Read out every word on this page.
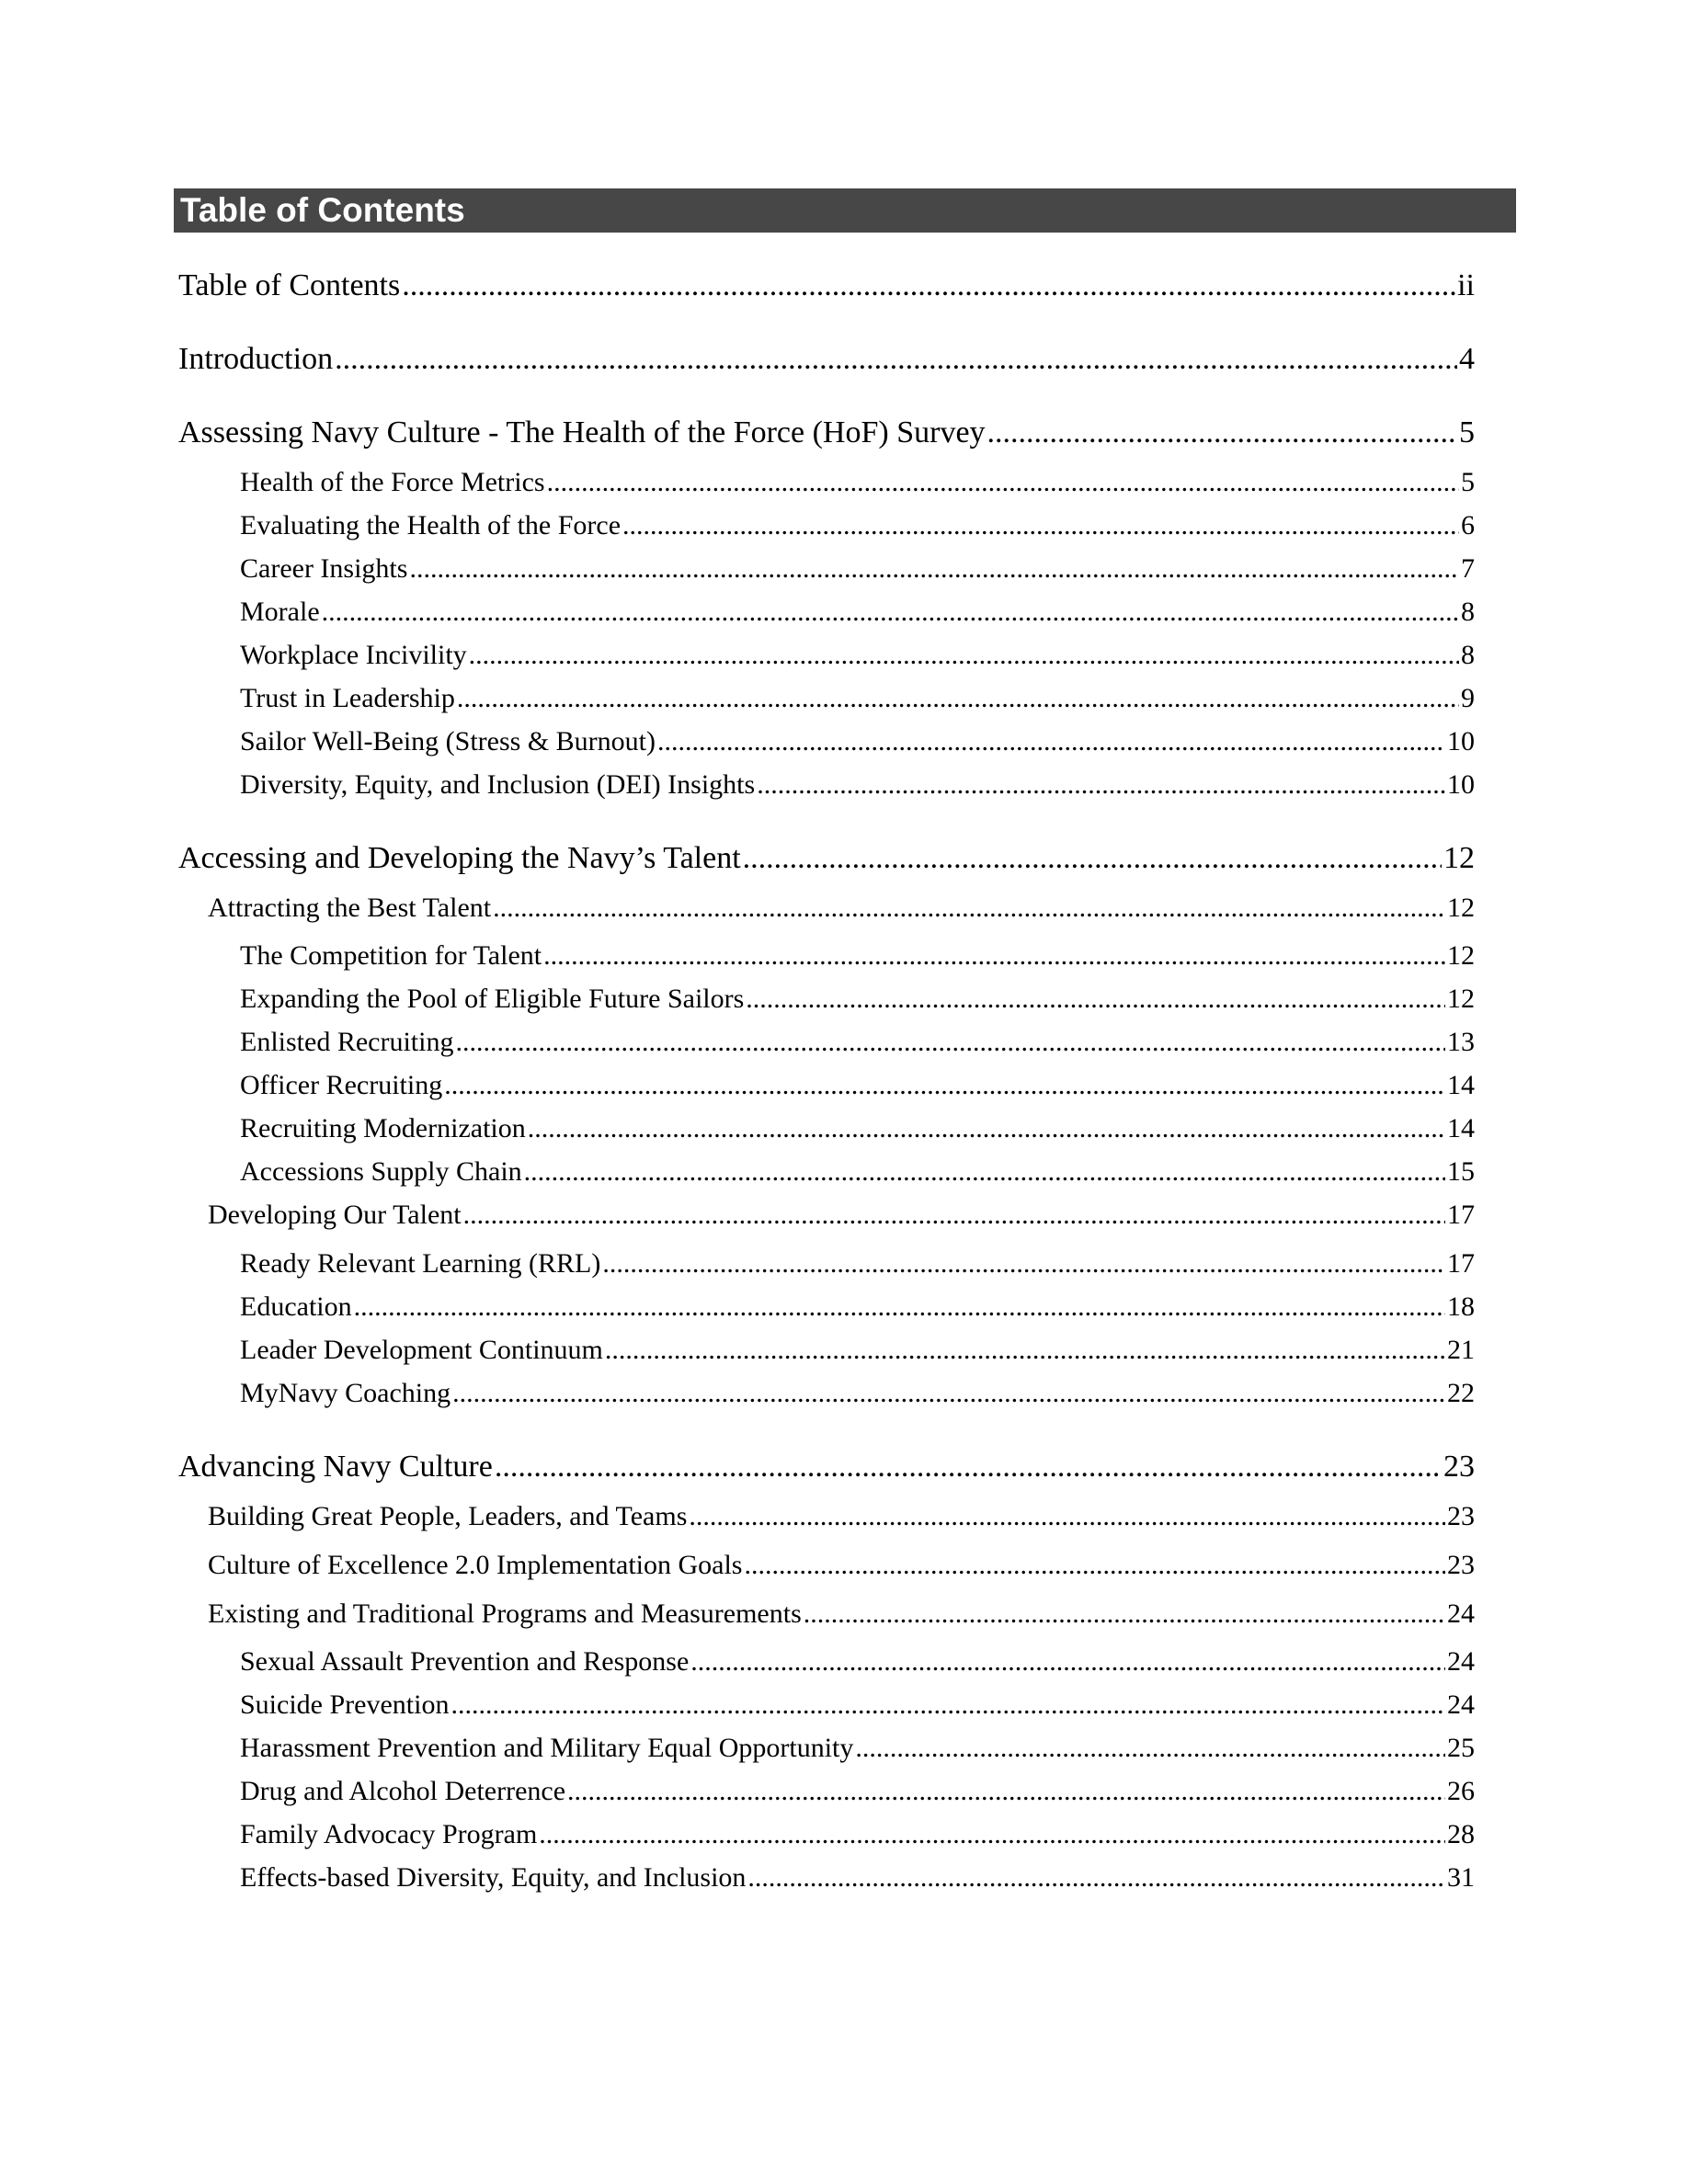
Table of Contents
Table of Contents .....	ii
Introduction .....	4
Assessing Navy Culture - The Health of the Force (HoF) Survey .....	5
Health of the Force Metrics .....	5
Evaluating the Health of the Force .....	6
Career Insights .....	7
Morale .....	8
Workplace Incivility .....	8
Trust in Leadership .....	9
Sailor Well-Being (Stress & Burnout) .....	10
Diversity, Equity, and Inclusion (DEI) Insights .....	10
Accessing and Developing the Navy’s Talent .....	12
Attracting the Best Talent .....	12
The Competition for Talent .....	12
Expanding the Pool of Eligible Future Sailors .....	12
Enlisted Recruiting .....	13
Officer Recruiting .....	14
Recruiting Modernization .....	14
Accessions Supply Chain .....	15
Developing Our Talent .....	17
Ready Relevant Learning (RRL) .....	17
Education .....	18
Leader Development Continuum .....	21
MyNavy Coaching .....	22
Advancing Navy Culture .....	23
Building Great People, Leaders, and Teams .....	23
Culture of Excellence 2.0 Implementation Goals .....	23
Existing and Traditional Programs and Measurements .....	24
Sexual Assault Prevention and Response .....	24
Suicide Prevention .....	24
Harassment Prevention and Military Equal Opportunity .....	25
Drug and Alcohol Deterrence .....	26
Family Advocacy Program .....	28
Effects-based Diversity, Equity, and Inclusion .....	31
